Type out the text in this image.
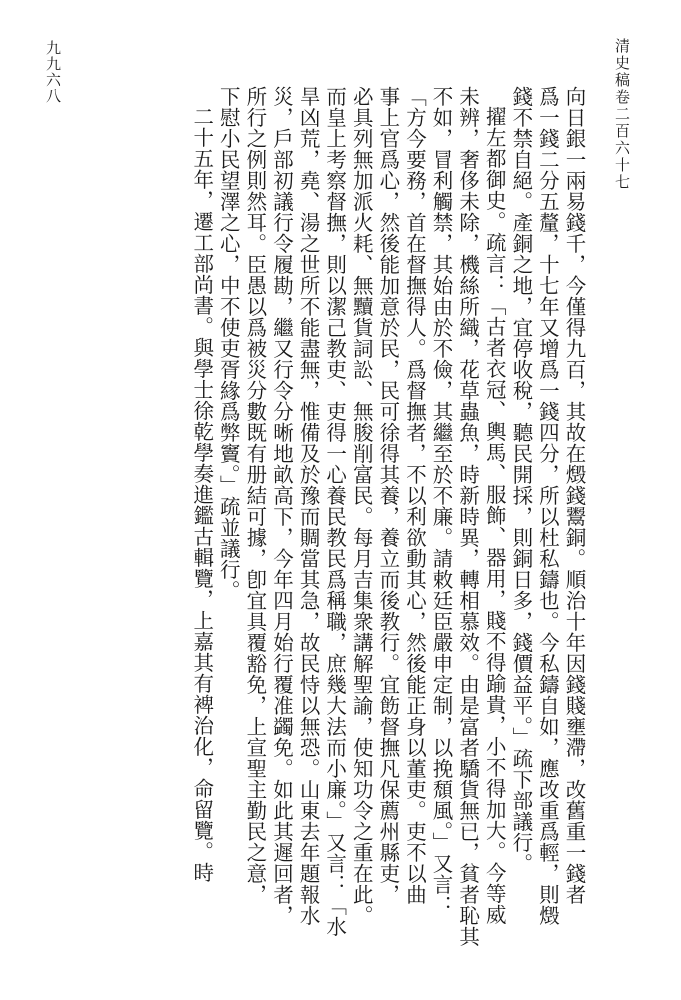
清史稿卷二百六十七
九九六八

向日銀一兩易錢千，今僅得九百，其故在燬錢鬻銅。順治十年因錢賤壅滯，改舊重一錢者

爲一錢二分五釐，十七年又增爲一錢四分，所以杜私鑄也。今私鑄自如，應改重爲輕，則燬

錢不禁自絕。產銅之地，宜停收稅，聽民開採，則銅日多，錢價益平。」疏下部議行。

擢左都御史。疏言：「古者衣冠、輿馬、服飾、器用，賤不得踰貴，小不得加大。今等威

未辨，奢侈未除，機絲所織，花草蟲魚，時新時異，轉相慕效。由是富者驕貨無已，貧者恥其

不如，冒利觸禁，其始由於不儉，其繼至於不廉。請敕廷臣嚴申定制，以挽頹風。」又言：

「方今要務，首在督撫得人。爲督撫者，不以利欲動其心，然後能正身以董吏。吏不以曲

事上官爲心，然後能加意於民，民可徐得其養，養立而後教行。宜飭督撫凡保薦州縣吏，

必具列無加派火耗、無黷貨詞訟、無朘削富民。每月吉集衆講解聖諭，使知功令之重在此。

而皇上考察督撫，則以潔己教吏、吏得一心養民教民爲稱職，庶幾大法而小廉。」又言：「水

旱凶荒，堯、湯之世所不能盡無，惟備及於豫而賙當其急，故民恃以無恐。山東去年題報水

災，戶部初議行令履勘，繼又行令分晰地畝高下，今年四月始行覆准蠲免。如此其遲回者，

所行之例則然耳。臣愚以爲被災分數既有册結可據，卽宜具覆豁免，上宣聖主勤民之意，

下慰小民望澤之心，中不使吏胥緣爲弊竇。」疏並議行。

二十五年，遷工部尚書。與學士徐乾學奏進鑑古輯覽，上嘉其有裨治化，命留覽。時
